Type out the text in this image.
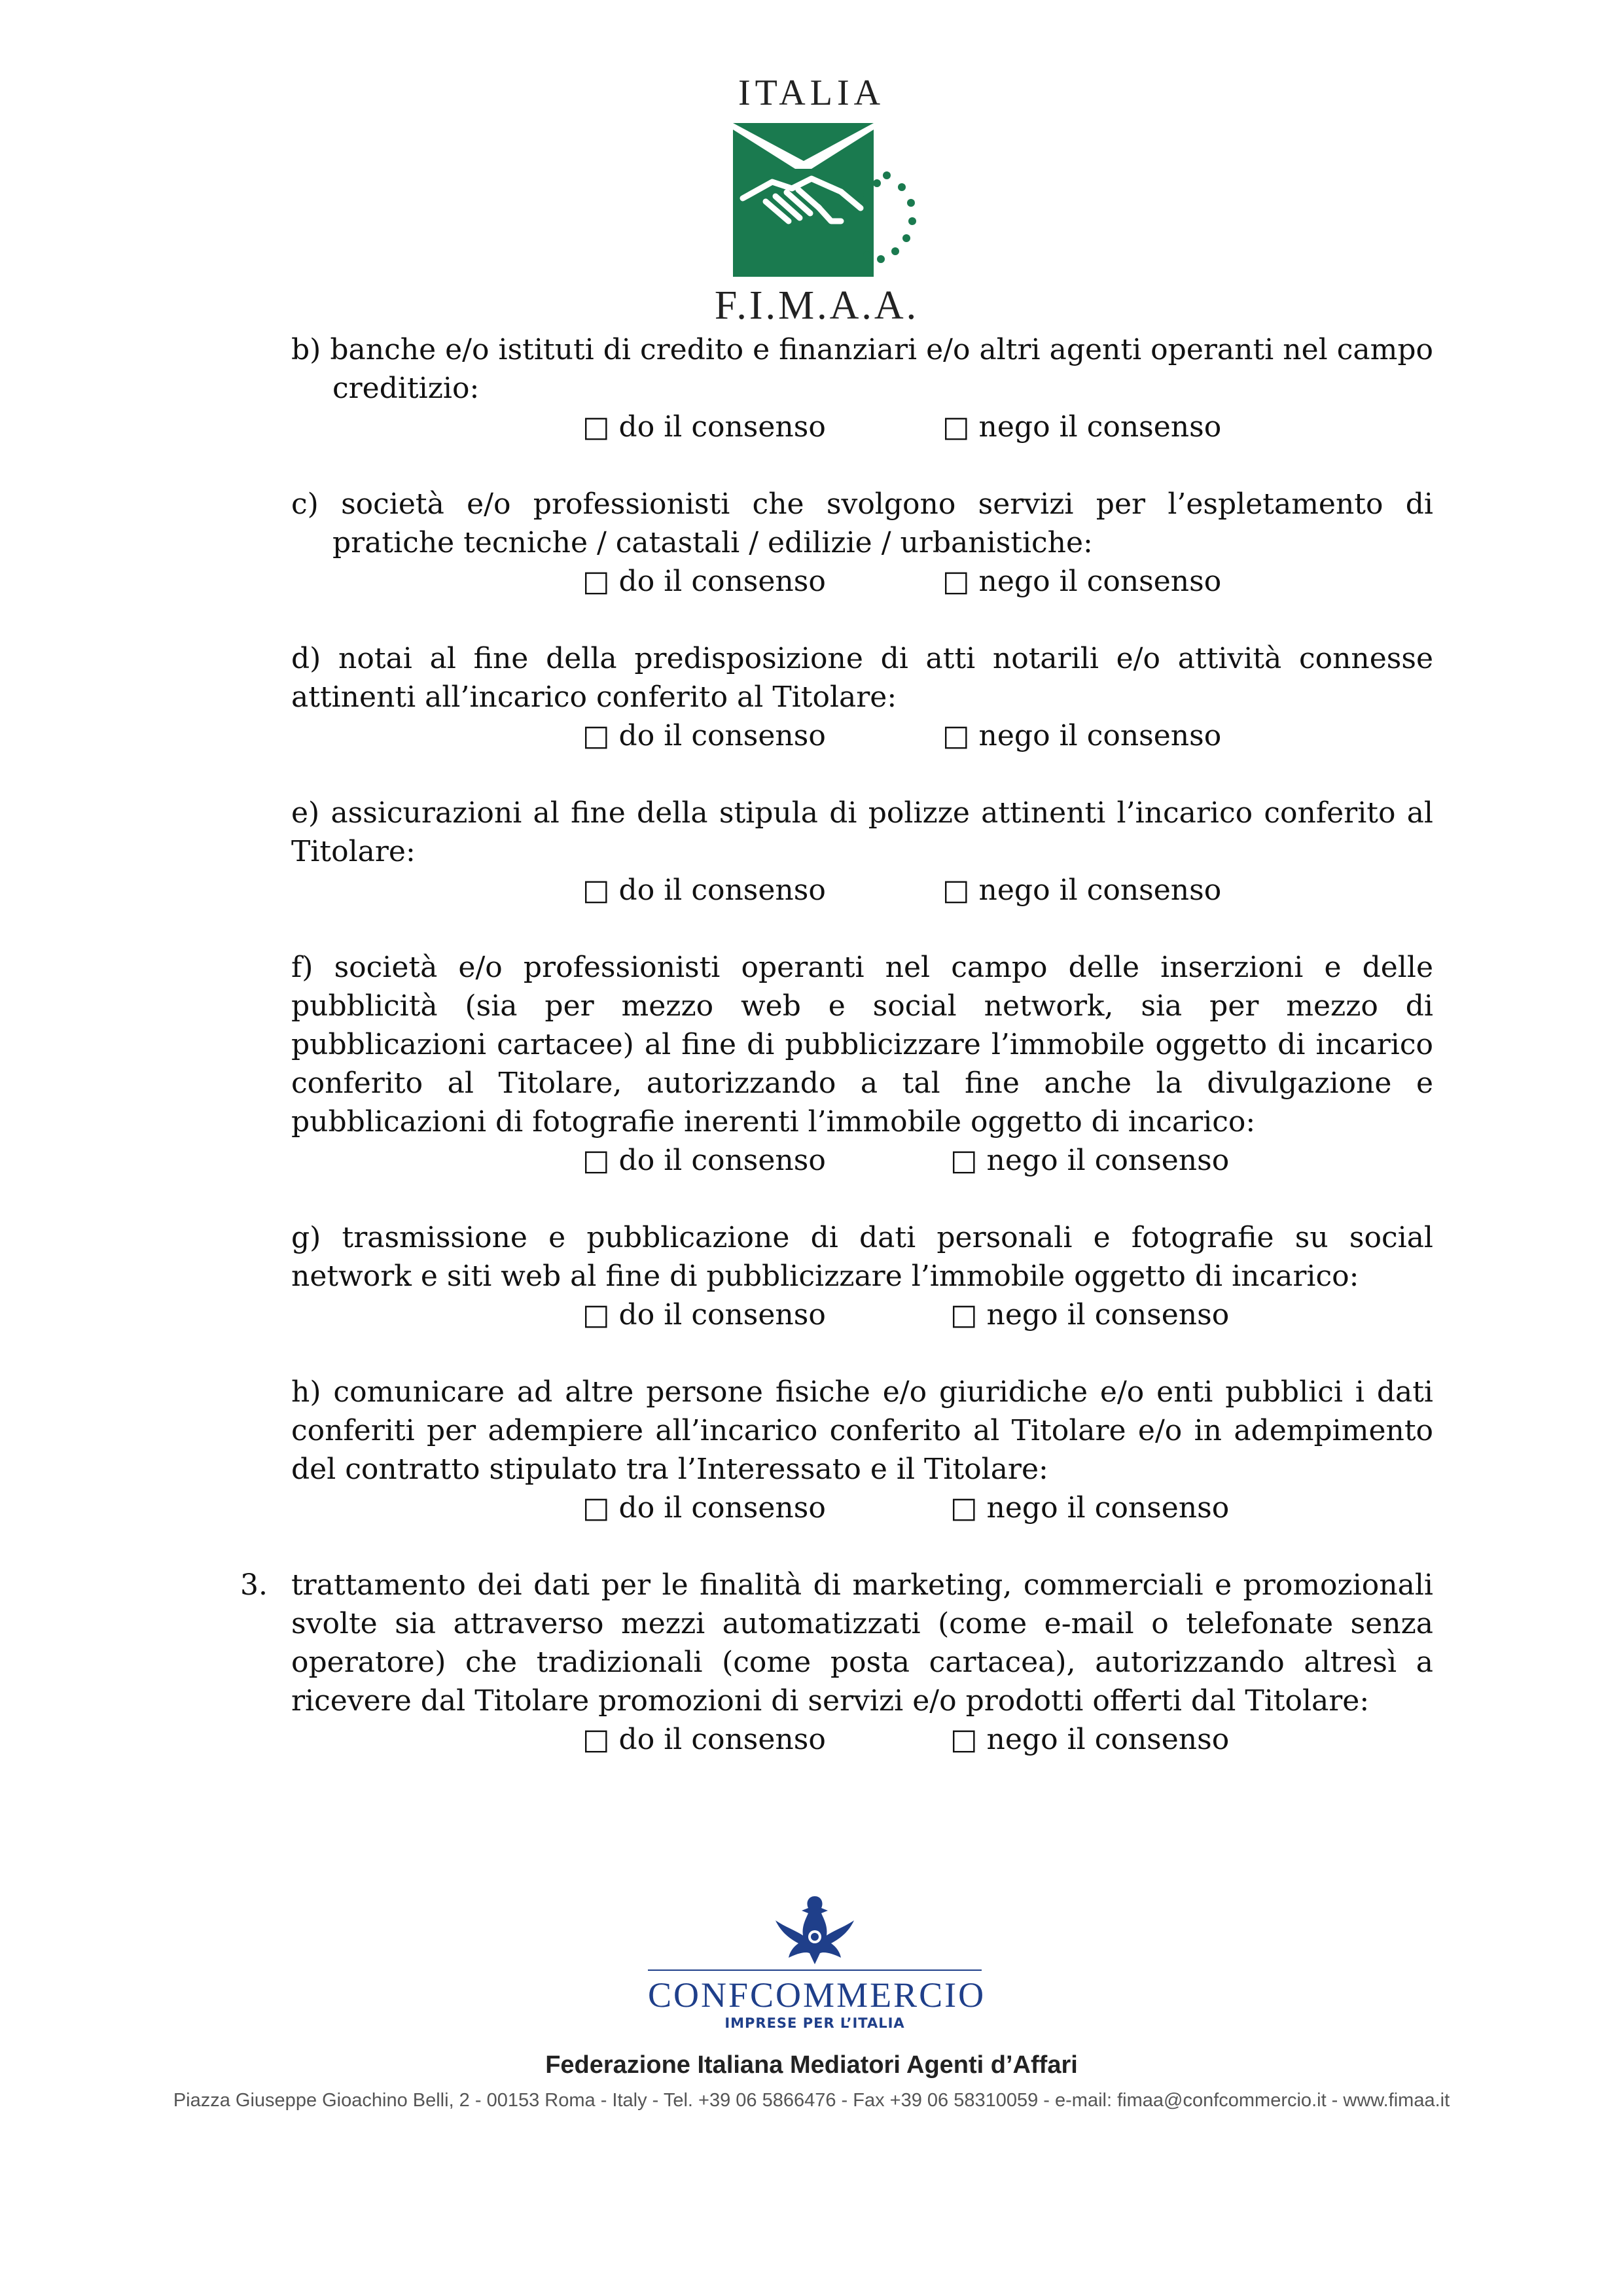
ITALIA
F.I.M.A.A.
b) banche e/o istituti di credito e finanziari e/o altri agenti operanti nel campo creditizio:
□ do il consenso	□ nego il consenso
c) società e/o professionisti che svolgono servizi per l’espletamento di pratiche tecniche / catastali / edilizie / urbanistiche:
□ do il consenso	□ nego il consenso
d) notai al fine della predisposizione di atti notarili e/o attività connesse attinenti all’incarico conferito al Titolare:
□ do il consenso	□ nego il consenso
e) assicurazioni al fine della stipula di polizze attinenti l’incarico conferito al Titolare:
□ do il consenso	□ nego il consenso
f) società e/o professionisti operanti nel campo delle inserzioni e delle pubblicità (sia per mezzo web e social network, sia per mezzo di pubblicazioni cartacee) al fine di pubblicizzare l’immobile oggetto di incarico conferito al Titolare, autorizzando a tal fine anche la divulgazione e pubblicazioni di fotografie inerenti l’immobile oggetto di incarico:
□ do il consenso	□ nego il consenso
g) trasmissione e pubblicazione di dati personali e fotografie su social network e siti web al fine di pubblicizzare l’immobile oggetto di incarico:
□ do il consenso	□ nego il consenso
h) comunicare ad altre persone fisiche e/o giuridiche e/o enti pubblici i dati conferiti per adempiere all’incarico conferito al Titolare e/o in adempimento del contratto stipulato tra l’Interessato e il Titolare:
□ do il consenso	□ nego il consenso
3. trattamento dei dati per le finalità di marketing, commerciali e promozionali svolte sia attraverso mezzi automatizzati (come e-mail o telefonate senza operatore) che tradizionali (come posta cartacea), autorizzando altresì a ricevere dal Titolare promozioni di servizi e/o prodotti offerti dal Titolare:
□ do il consenso	□ nego il consenso
CONFCOMMERCIO
IMPRESE PER L’ITALIA
Federazione Italiana Mediatori Agenti d’Affari
Piazza Giuseppe Gioachino Belli, 2 - 00153 Roma - Italy - Tel. +39 06 5866476 - Fax +39 06 58310059 - e-mail: fimaa@confcommercio.it - www.fimaa.it
